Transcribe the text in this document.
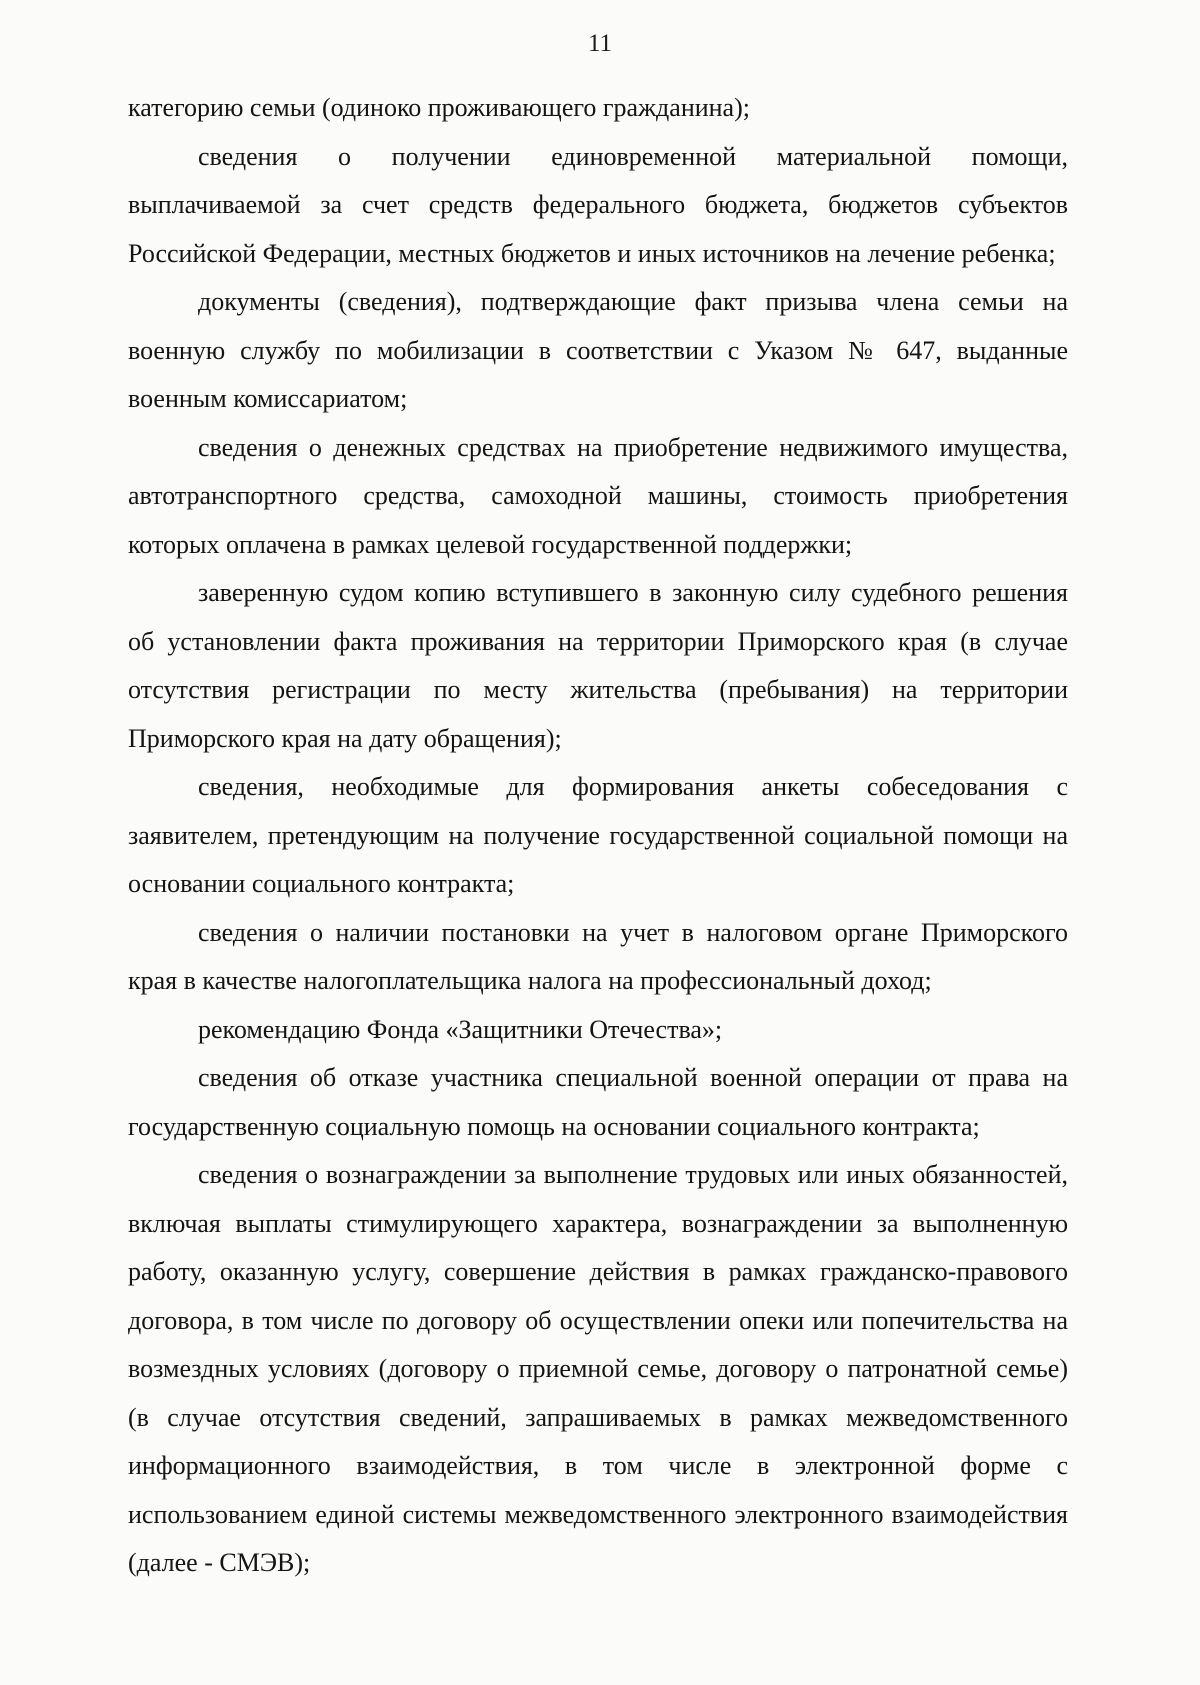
11

категорию семьи (одиноко проживающего гражданина);

сведения о получении единовременной материальной помощи, выплачиваемой за счет средств федерального бюджета, бюджетов субъектов Российской Федерации, местных бюджетов и иных источников на лечение ребенка;

документы (сведения), подтверждающие факт призыва члена семьи на военную службу по мобилизации в соответствии с Указом № 647, выданные военным комиссариатом;

сведения о денежных средствах на приобретение недвижимого имущества, автотранспортного средства, самоходной машины, стоимость приобретения которых оплачена в рамках целевой государственной поддержки;

заверенную судом копию вступившего в законную силу судебного решения об установлении факта проживания на территории Приморского края (в случае отсутствия регистрации по месту жительства (пребывания) на территории Приморского края на дату обращения);

сведения, необходимые для формирования анкеты собеседования с заявителем, претендующим на получение государственной социальной помощи на основании социального контракта;

сведения о наличии постановки на учет в налоговом органе Приморского края в качестве налогоплательщика налога на профессиональный доход;

рекомендацию Фонда «Защитники Отечества»;

сведения об отказе участника специальной военной операции от права на государственную социальную помощь на основании социального контракта;

сведения о вознаграждении за выполнение трудовых или иных обязанностей, включая выплаты стимулирующего характера, вознаграждении за выполненную работу, оказанную услугу, совершение действия в рамках гражданско-правового договора, в том числе по договору об осуществлении опеки или попечительства на возмездных условиях (договору о приемной семье, договору о патронатной семье) (в случае отсутствия сведений, запрашиваемых в рамках межведомственного информационного взаимодействия, в том числе в электронной форме с использованием единой системы межведомственного электронного взаимодействия (далее - СМЭВ);
